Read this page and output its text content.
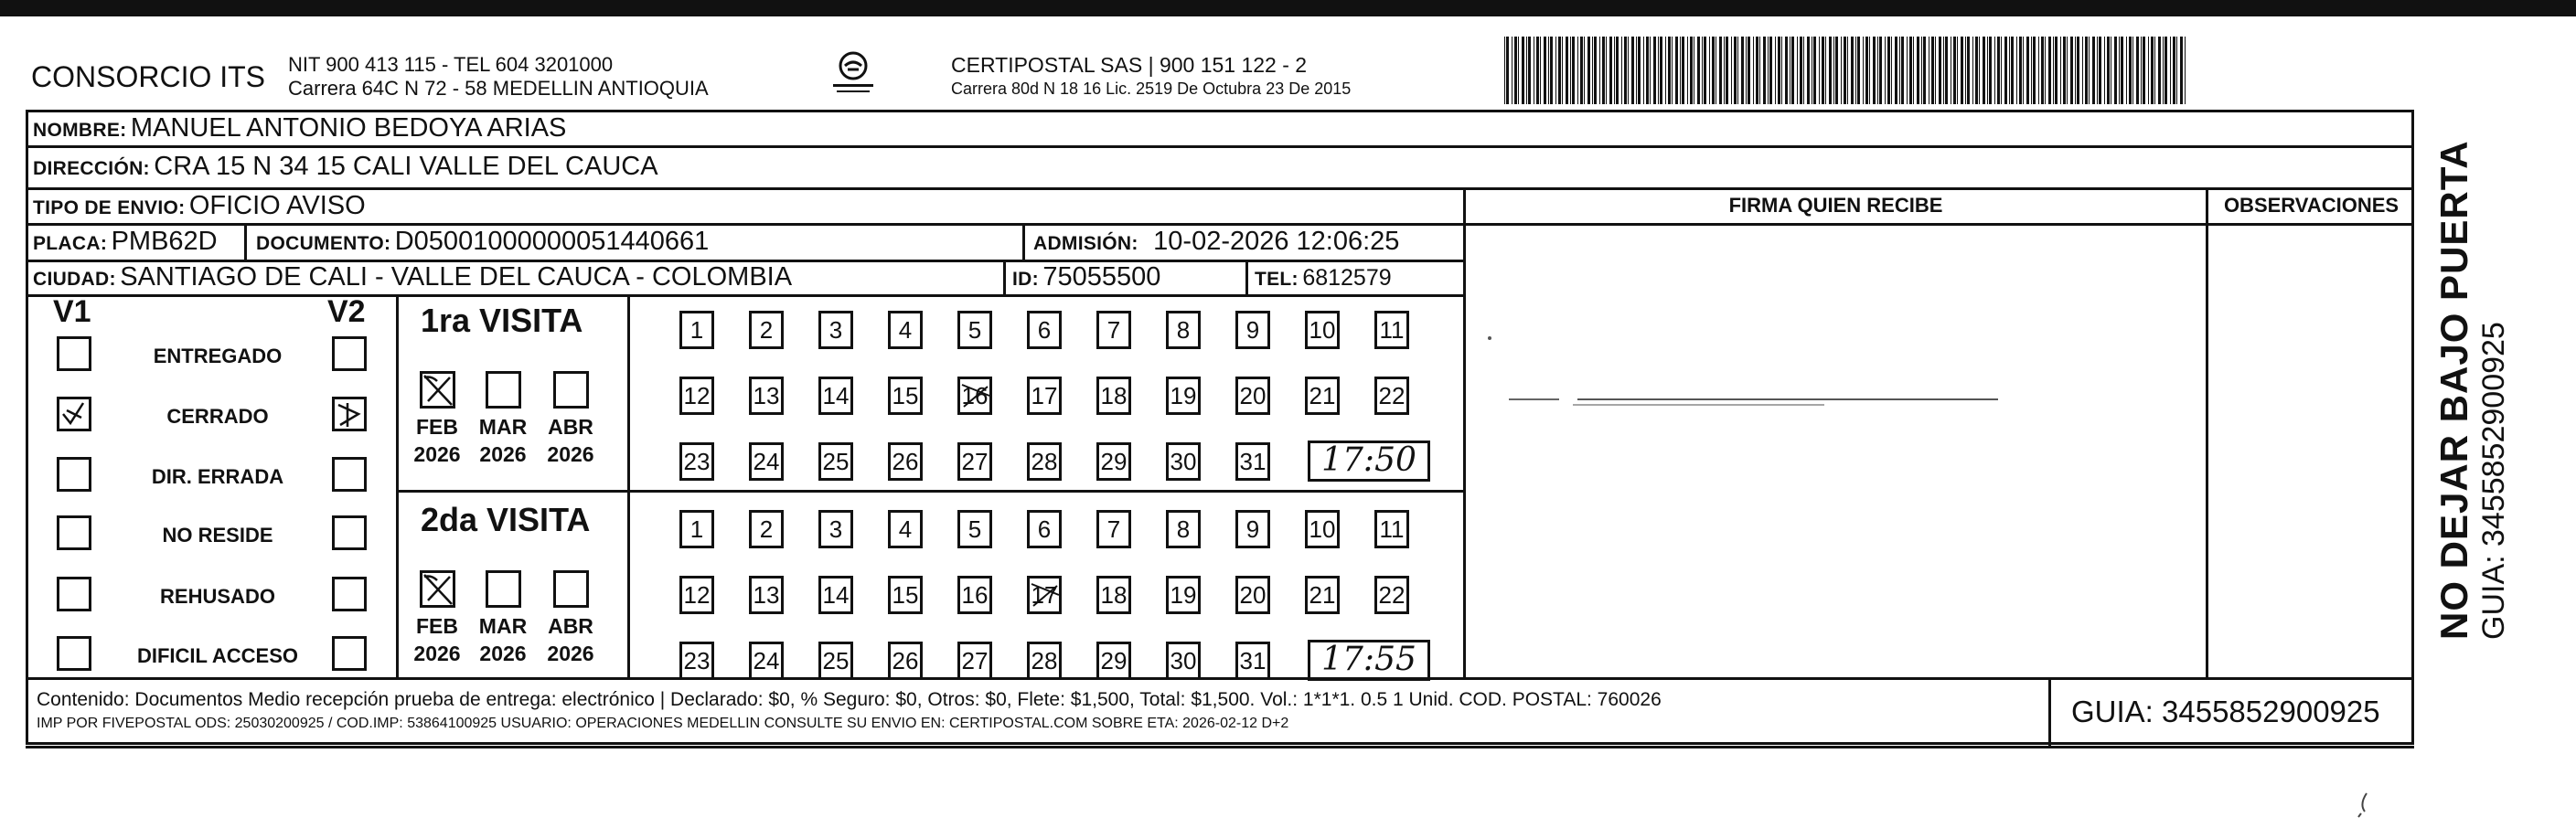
CONSORCIO ITS NIT 900 413 115 - TEL 604 3201000
Carrera 64C N 72 - 58 MEDELLIN ANTIOQUIA
CERTIPOSTAL SAS | 900 151 122 - 2
Carrera 80d N 18 16 Lic. 2519 De Octubra 23 De 2015
NOMBRE: MANUEL ANTONIO BEDOYA ARIAS
DIRECCIÓN: CRA 15 N 34 15 CALI VALLE DEL CAUCA
TIPO DE ENVIO: OFICIO AVISO	FIRMA QUIEN RECIBE	OBSERVACIONES
PLACA: PMB62D DOCUMENTO: D05001000000051440661	ADMISIÓN: 10-02-2026 12:06:25
CIUDAD: SANTIAGO DE CALI - VALLE DEL CAUCA - COLOMBIA	ID: 75055500	TEL: 6812579
V1	V2
ENTREGADO
CERRADO
DIR. ERRADA
NO RESIDE
REHUSADO
DIFICIL ACCESO
1ra VISITA
FEB
2026
MAR
2026
ABR
2026
1	2	3	4	5	6	7	8	9	10 11
12 13 14 15 16 17 18 19 20 21 22
23 24 25 26 27 28 29 30 31	17:50
2da VISITA
FEB
2026
MAR
2026
ABR
2026
1	2	3	4	5	6	7	8	9	10 11
12 13 14 15 16 17 18 19 20 21 22
23 24 25 26 27 28 29 30 31	17:55
Contenido: Documentos Medio recepción prueba de entrega: electrónico | Declarado: $0, % Seguro: $0, Otros: $0, Flete: $1,500, Total: $1,500. Vol.: 1*1*1. 0.5 1 Unid. COD. POSTAL: 760026
IMP POR FIVEPOSTAL ODS: 25030200925 / COD.IMP: 53864100925 USUARIO: OPERACIONES MEDELLIN CONSULTE SU ENVIO EN: CERTIPOSTAL.COM SOBRE ETA: 2026-02-12 D+2	GUIA: 3455852900925
NO DEJAR BAJO PUERTA GUIA: 3455852900925
